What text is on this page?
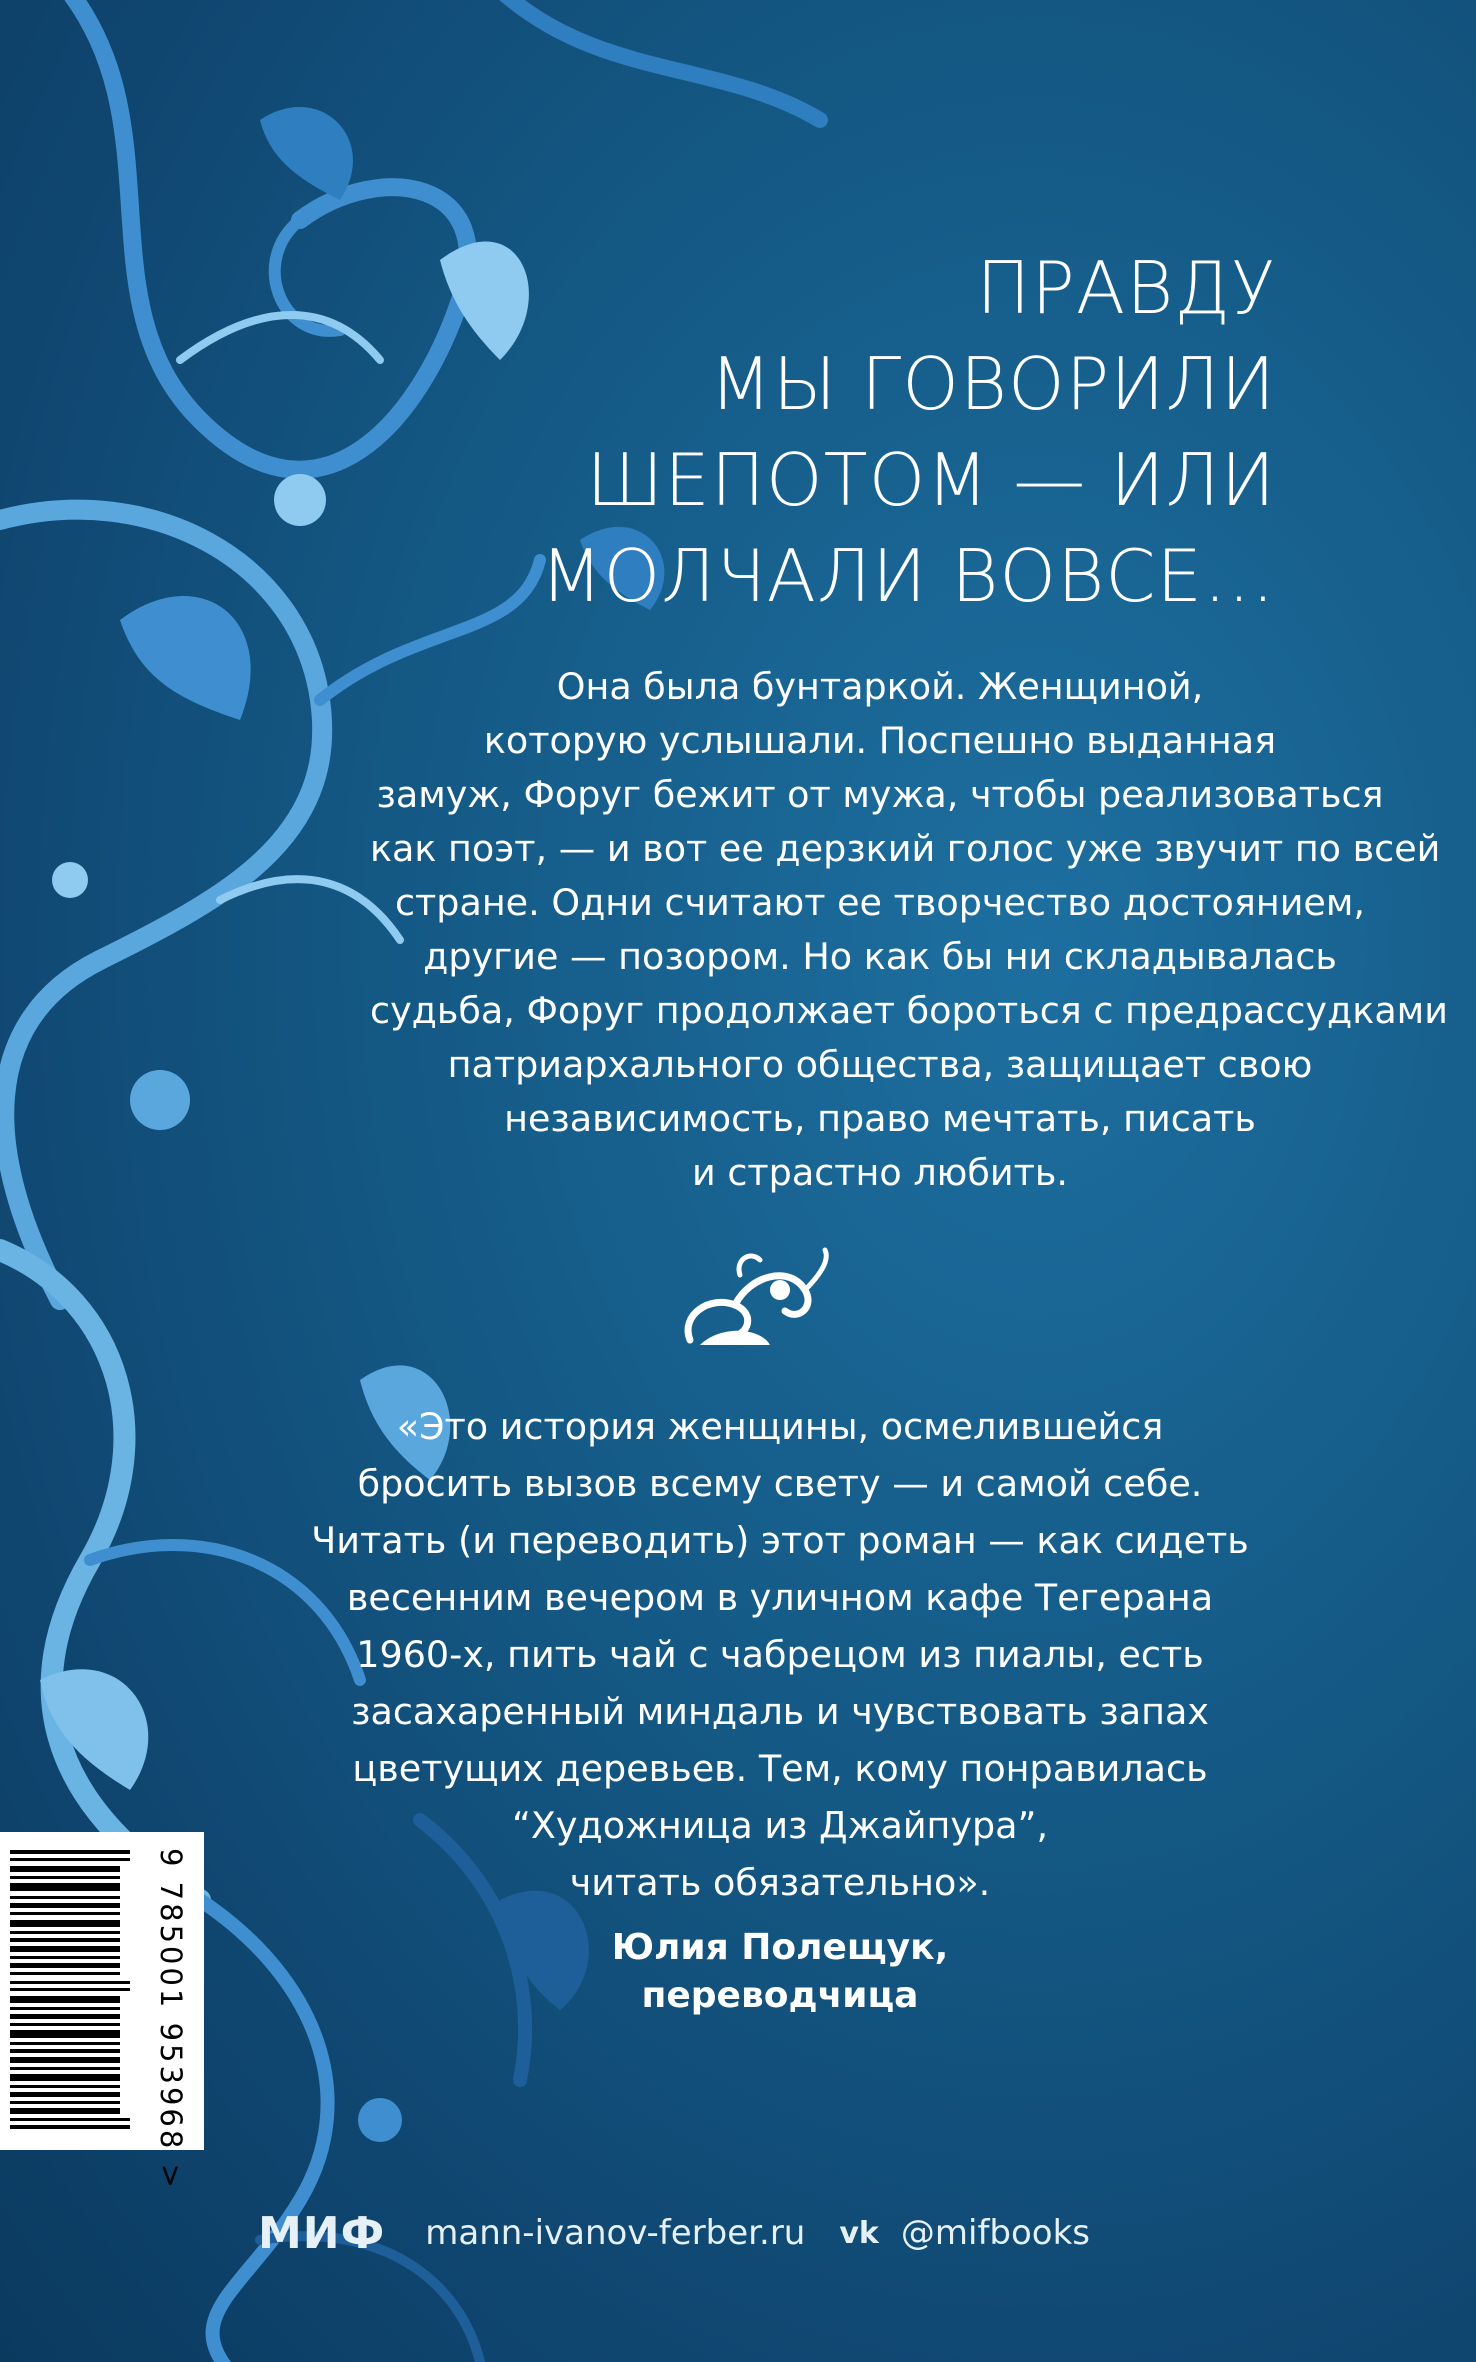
ПРАВДУ
МЫ ГОВОРИЛИ
ШЕПОТОМ — ИЛИ
МОЛЧАЛИ ВОВСЕ…
Она была бунтаркой. Женщиной,
которую услышали. Поспешно выданная
замуж, Форуг бежит от мужа, чтобы реализоваться
как поэт, — и вот ее дерзкий голос уже звучит по всей
стране. Одни считают ее творчество достоянием,
другие — позором. Но как бы ни складывалась
судьба, Форуг продолжает бороться с предрассудками
патриархального общества, защищает свою
независимость, право мечтать, писать
и страстно любить.
«Это история женщины, осмелившейся
бросить вызов всему свету — и самой себе.
Читать (и переводить) этот роман — как сидеть
весенним вечером в уличном кафе Тегерана
1960-х, пить чай с чабрецом из пиалы, есть
засахаренный миндаль и чувствовать запах
цветущих деревьев. Тем, кому понравилась
“Художница из Джайпура”,
читать обязательно».
Юлия Полещук,
переводчица
9 785001 953968 >
МИФ mann-ivanov-ferber.ru vk @mifbooks
